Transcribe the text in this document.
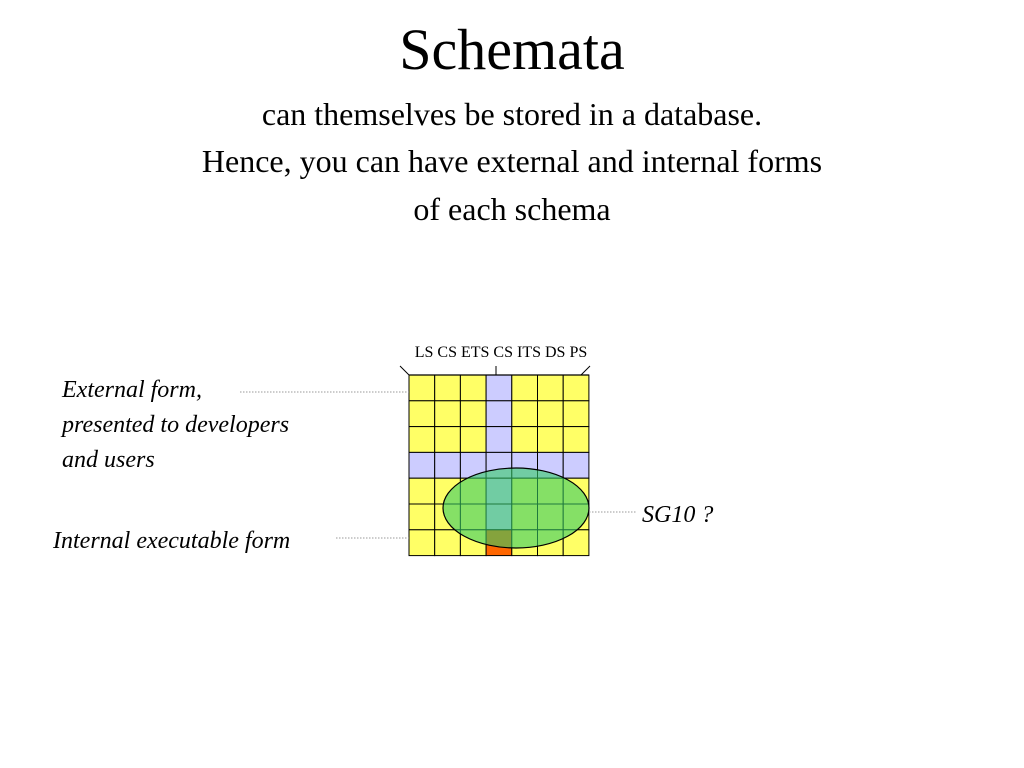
Schemata
can themselves be stored in a database.
Hence, you can have external and internal forms
of each schema
LS CS ETS CS ITS DS PS
External form,
presented to developers
and users
Internal executable form
SG10 ?
